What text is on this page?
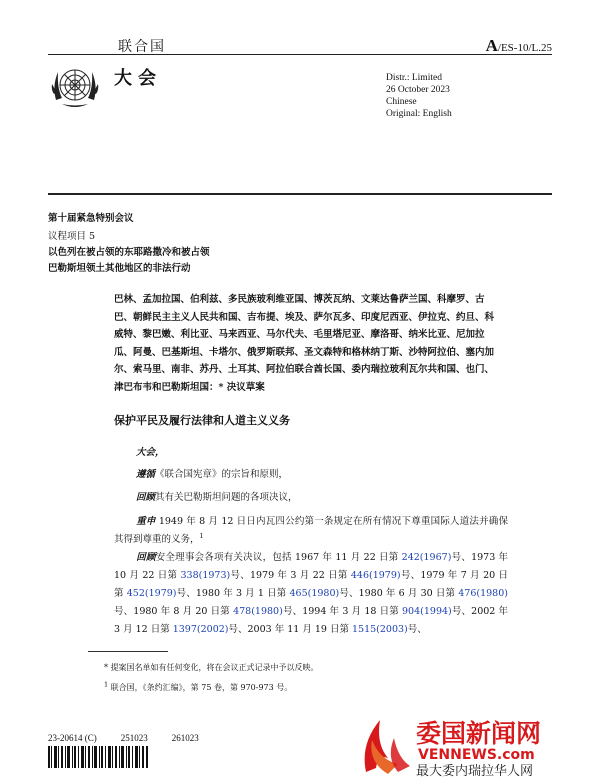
联合国	A/ES-10/L.25
大会	Distr.: Limited
26 October 2023
Chinese
Original: English
第十届紧急特别会议
议程项目 5
以色列在被占领的东耶路撒冷和被占领
巴勒斯坦领土其他地区的非法行动
巴林、孟加拉国、伯利兹、多民族玻利维亚国、博茨瓦纳、文莱达鲁萨兰国、科摩罗、古巴、朝鲜民主主义人民共和国、吉布提、埃及、萨尔瓦多、印度尼西亚、伊拉克、约旦、科威特、黎巴嫩、利比亚、马来西亚、马尔代夫、毛里塔尼亚、摩洛哥、纳米比亚、尼加拉瓜、阿曼、巴基斯坦、卡塔尔、俄罗斯联邦、圣文森特和格林纳丁斯、沙特阿拉伯、塞内加尔、索马里、南非、苏丹、土耳其、阿拉伯联合酋长国、委内瑞拉玻利瓦尔共和国、也门、津巴布韦和巴勒斯坦国：* 决议草案
保护平民及履行法律和人道主义义务
大会，
遵循《联合国宪章》的宗旨和原则，
回顾其有关巴勒斯坦问题的各项决议，
重申 1949 年 8 月 12 日日内瓦四公约第一条规定在所有情况下尊重国际人道法并确保其得到尊重的义务，$^1$
回顾安全理事会各项有关决议，包括 1967 年 11 月 22 日第 242(1967)号、1973 年 10 月 22 日第 338(1973)号、1979 年 3 月 22 日第 446(1979)号、1979 年 7 月 20 日第 452(1979)号、1980 年 3 月 1 日第 465(1980)号、1980 年 6 月 30 日第 476(1980)号、1980 年 8 月 20 日第 478(1980)号、1994 年 3 月 18 日第 904(1994)号、2002 年 3 月 12 日第 1397(2002)号、2003 年 11 月 19 日第 1515(2003)号、
* 提案国名单如有任何变化，将在会议正式记录中予以反映。
$^1$ 联合国，《条约汇编》，第 75 卷，第 970-973 号。
23-20614 (C)	251023	261023	委国新闻网
VENNEWS.com
最大委内瑞拉华人网
